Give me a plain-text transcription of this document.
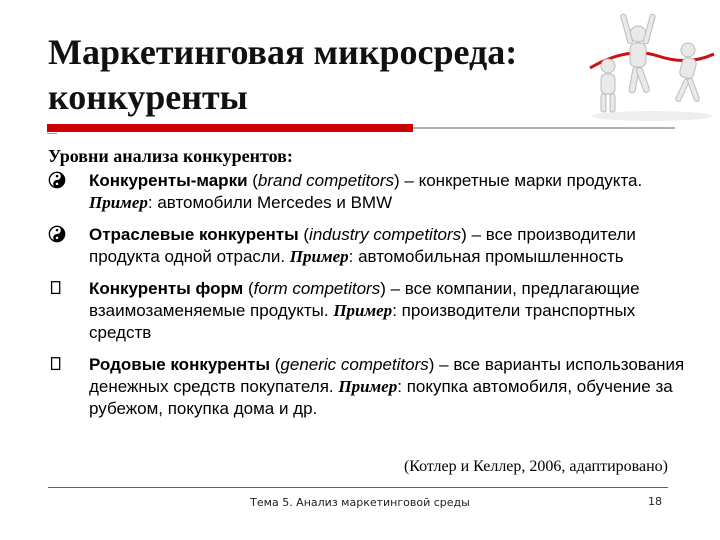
Маркетинговая микросреда: конкуренты

Уровни анализа конкурентов:

Конкуренты-марки (brand competitors) – конкретные марки продукта. Пример: автомобили Mercedes и BMW
Отраслевые конкуренты (industry competitors) – все производители продукта одной отрасли. Пример: автомобильная промышленность
Конкуренты форм (form competitors) – все компании, предлагающие взаимозаменяемые продукты. Пример: производители транспортных средств
Родовые конкуренты (generic competitors) – все варианты использования денежных средств покупателя. Пример: покупка автомобиля, обучение за рубежом, покупка дома и др.
(Котлер и Келлер, 2006, адаптировано)
Тема 5. Анализ маркетинговой среды	18
